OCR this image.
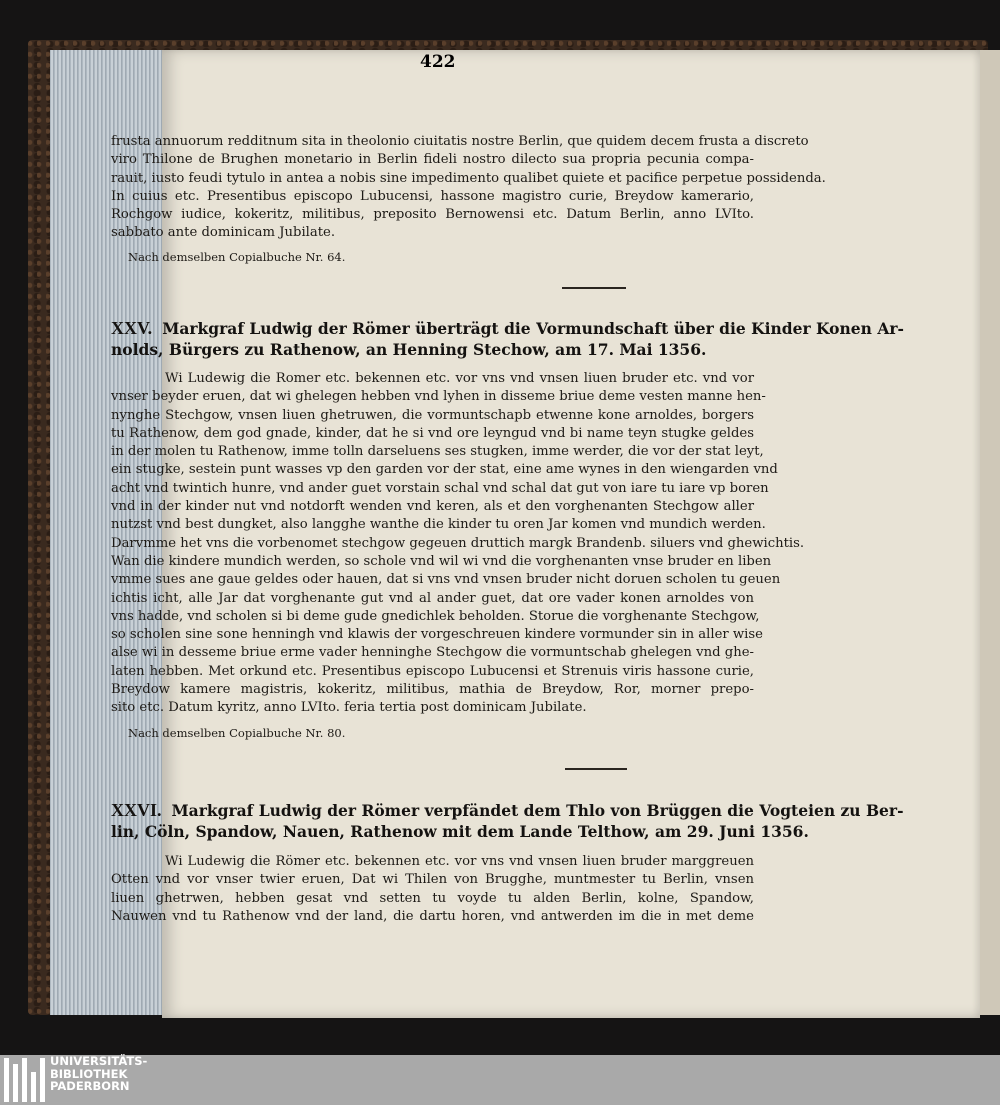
422
frusta annuorum redditnum sita in theolonio ciuitatis nostre Berlin, que quidem decem frusta a discreto
viro Thilone de Brughen monetario in Berlin fideli nostro dilecto sua propria pecunia compa-
rauit, iusto feudi tytulo in antea a nobis sine impedimento qualibet quiete et pacifice perpetue possidenda.
In cuius etc. Presentibus episcopo Lubucensi, hassone magistro curie, Breydow kamerario,
Rochgow iudice, kokeritz, militibus, preposito Bernowensi etc. Datum Berlin, anno LVIto.
sabbato ante dominicam Jubilate.
Nach demselben Copialbuche Nr. 64.
XXV. Markgraf Ludwig der Römer überträgt die Vormundschaft über die Kinder Konen Ar-
nolds, Bürgers zu Rathenow, an Henning Stechow, am 17. Mai 1356.
Wi Ludewig die Romer etc. bekennen etc. vor vns vnd vnsen liuen bruder etc. vnd vor
vnser beyder eruen, dat wi ghelegen hebben vnd lyhen in disseme briue deme vesten manne hen-
nynghe Stechgow, vnsen liuen ghetruwen, die vormuntschapb etwenne kone arnoldes, borgers
tu Rathenow, dem god gnade, kinder, dat he si vnd ore leyngud vnd bi name teyn stugke geldes
in der molen tu Rathenow, imme tolln darseluens ses stugken, imme werder, die vor der stat leyt,
ein stugke, sestein punt wasses vp den garden vor der stat, eine ame wynes in den wiengarden vnd
acht vnd twintich hunre, vnd ander guet vorstain schal vnd schal dat gut von iare tu iare vp boren
vnd in der kinder nut vnd notdorft wenden vnd keren, als et den vorghenanten Stechgow aller
nutzst vnd best dungket, also langghe wanthe die kinder tu oren Jar komen vnd mundich werden.
Darvmme het vns die vorbenomet stechgow gegeuen druttich margk Brandenb. siluers vnd ghewichtis.
Wan die kindere mundich werden, so schole vnd wil wi vnd die vorghenanten vnse bruder en liben
vmme sues ane gaue geldes oder hauen, dat si vns vnd vnsen bruder nicht doruen scholen tu geuen
ichtis icht, alle Jar dat vorghenante gut vnd al ander guet, dat ore vader konen arnoldes von
vns hadde, vnd scholen si bi deme gude gnedichlek beholden. Storue die vorghenante Stechgow,
so scholen sine sone henningh vnd klawis der vorgeschreuen kindere vormunder sin in aller wise
alse wi in desseme briue erme vader henninghe Stechgow die vormuntschab ghelegen vnd ghe-
laten hebben. Met orkund etc. Presentibus episcopo Lubucensi et Strenuis viris hassone curie,
Breydow kamere magistris, kokeritz, militibus, mathia de Breydow, Ror, morner prepo-
sito etc. Datum kyritz, anno LVIto. feria tertia post dominicam Jubilate.
Nach demselben Copialbuche Nr. 80.
XXVI. Markgraf Ludwig der Römer verpfändet dem Thlo von Brüggen die Vogteien zu Ber-
lin, Cöln, Spandow, Nauen, Rathenow mit dem Lande Telthow, am 29. Juni 1356.
Wi Ludewig die Römer etc. bekennen etc. vor vns vnd vnsen liuen bruder marggreuen
Otten vnd vor vnser twier eruen, Dat wi Thilen von Brugghe, muntmester tu Berlin, vnsen
liuen ghetrwen, hebben gesat vnd setten tu voyde tu alden Berlin, kolne, Spandow,
Nauwen vnd tu Rathenow vnd der land, die dartu horen, vnd antwerden im die in met deme
UNIVERSITÄTS-
BIBLIOTHEK
PADERBORN
